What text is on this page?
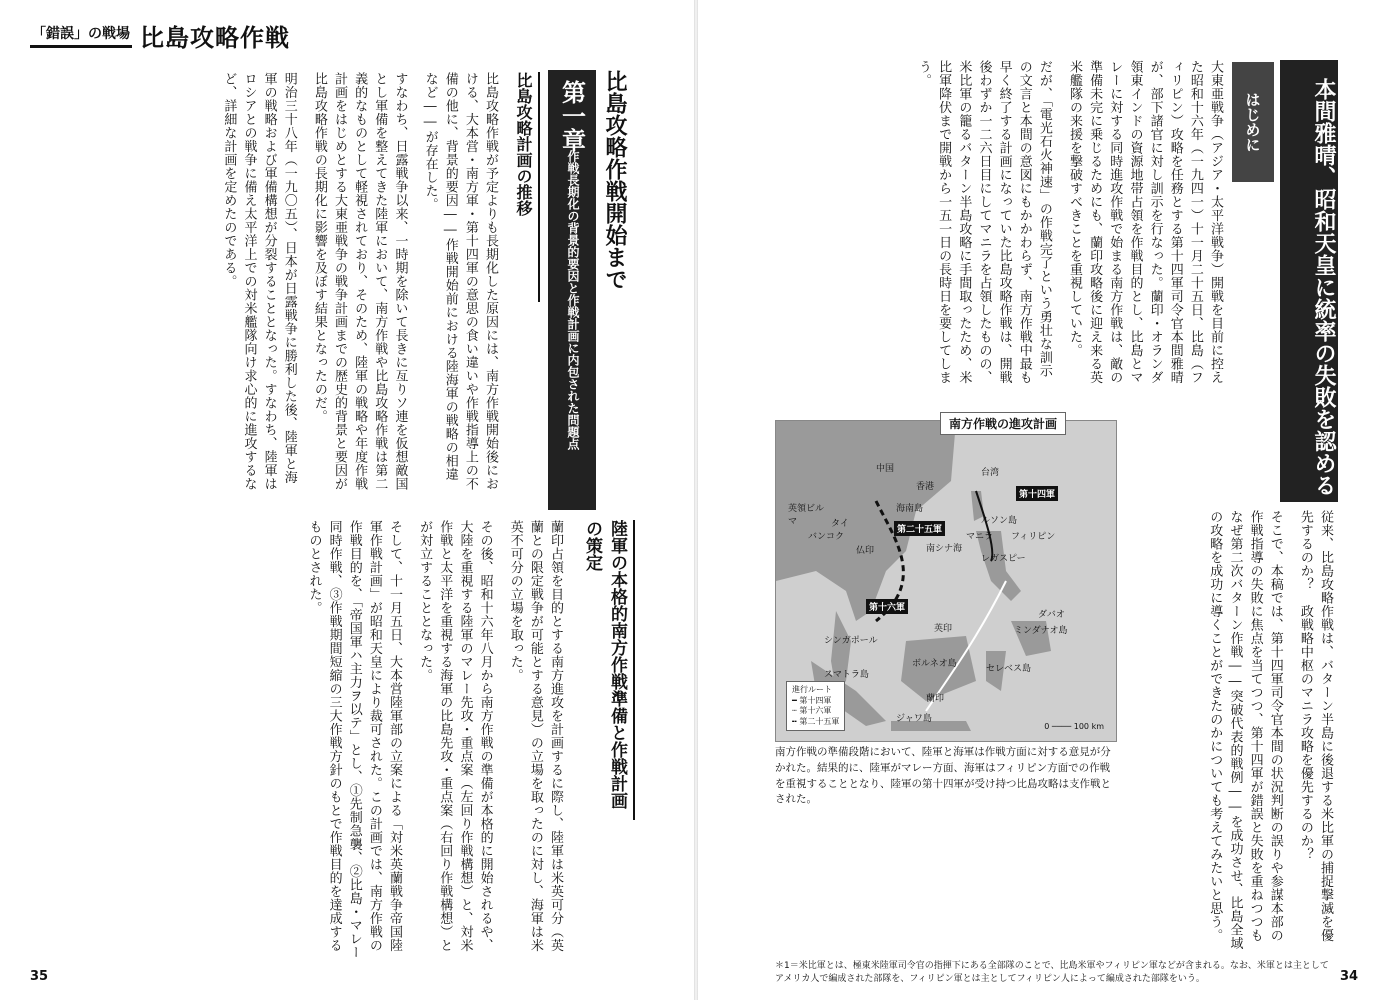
「錯誤」の戦場 比島攻略作戦
第一章 比島攻略作戦開始まで
作戦長期化の背景的要因と作戦計画に内包された問題点
比島攻略計画の推移

比島攻略作戦が予定よりも長期化した原因には、南方作戦開始後における、大本営・南方軍・第十四軍の意思の食い違いや作戦指導上の不備の他に、背景的要因――作戦開始前における陸海軍の戦略の相違など――が存在した。

すなわち、日露戦争以来、一時期を除いて長きに亙りソ連を仮想敵国とし軍備を整えてきた陸軍において、南方作戦や比島攻略作戦は第二義的なものとして軽視されており、そのため、陸軍の戦略や年度作戦計画をはじめとする大東亜戦争の戦争計画までの歴史的背景と要因が比島攻略作戦の長期化に影響を及ぼす結果となったのだ。

明治三十八年（一九〇五）、日本が日露戦争に勝利した後、陸軍と海軍の戦略および軍備構想が分裂することとなった。すなわち、陸軍はロシアとの戦争に備え太平洋上での対米艦隊向け求心的に進攻するなど、詳細な計画を定めたのである。

陸軍の本格的南方作戦準備と作戦計画の策定

蘭印占領を目的とする南方進攻を計画するに際し、陸軍は米英可分（英蘭との限定戦争が可能とする意見）の立場を取ったのに対し、海軍は米英不可分の立場を取った。

その後、昭和十六年八月から南方作戦の準備が本格的に開始されるや、大陸を重視する陸軍のマレー先攻・重点案（左回り作戦構想）と、対米作戦と太平洋を重視する海軍の比島先攻・重点案（右回り作戦構想）とが対立することとなった。

そして、十一月五日、大本営陸軍部の立案による「対米英蘭戦争帝国陸軍作戦計画」が昭和天皇により裁可された。この計画では、南方作戦の作戦目的を、「帝国軍ハ主力ヲ以テ」とし、①先制急襲、②比島・マレー同時作戦、③作戦期間短縮の三大作戦方針のもとで作戦目的を達成するものとされた。

35
本間雅晴、昭和天皇に統率の失敗を認める
はじめに

大東亜戦争（アジア・太平洋戦争）開戦を目前に控えた昭和十六年（一九四一）十一月二十五日、比島（フィリピン）攻略を任務とする第十四軍司令官本間雅晴が、部下諸官に対し訓示を行なった。蘭印・オランダ領東インドの資源地帯占領を作戦目的とし、比島とマレーに対する同時進攻作戦で始まる南方作戦は、敵の準備未完に乗じるためにも、蘭印攻略後に迎え来る英米艦隊の来援を撃破すべきことを重視していた。

だが、「電光石火神速」の作戦完了という勇壮な訓示の文言と本間の意図にもかかわらず、南方作戦中最も早く終了する計画になっていた比島攻略作戦は、開戦後わずか一二六日目にしてマニラを占領したものの、米比軍の籠るバターン半島攻略に手間取ったため、米比軍降伏まで開戦から一五一日の長時日を要してしまう。

従来、比島攻略作戦は、バターン半島に後退する米比軍の捕捉撃滅を優先するのか？　政戦略中枢のマニラ攻略を優先するのか？

そこで、本稿では、第十四軍司令官本間の状況判断の誤りや参謀本部の作戦指導の失敗に焦点を当てつつ、第十四軍が錯誤と失敗を重ねつつもなぜ第二次バターン作戦――突破代表的戦例――を成功させ、比島全域の攻略を成功に導くことができたのかについても考えてみたいと思う。

中国
英領ビルマ
香港
台湾
海南島
タイ
バンコク
仏印	南シナ海
ルソン島
マニラ フィリピン
レガスピー
ミンダナオ島
ダバオ
英印
ボルネオ島
シンガポール
スマトラ島
蘭印
セレベス島
ジャワ島
第十四軍
第二十五軍
第十六軍
進行ルート
━ 第十四軍
┄ 第十六軍
╍ 第二十五軍
0 ──── 100 km
南方作戦の進攻計画
南方作戦の準備段階において、陸軍と海軍は作戦方面に対する意見が分かれた。結果的に、陸軍がマレー方面、海軍はフィリピン方面での作戦を重視することとなり、陸軍の第十四軍が受け持つ比島攻略は支作戦とされた。
＊1＝米比軍とは、極東米陸軍司令官の指揮下にある全部隊のことで、比島米軍やフィリピン軍などが含まれる。なお、米軍とは主としてアメリカ人で編成された部隊を、フィリピン軍とは主としてフィリピン人によって編成された部隊をいう。	34
